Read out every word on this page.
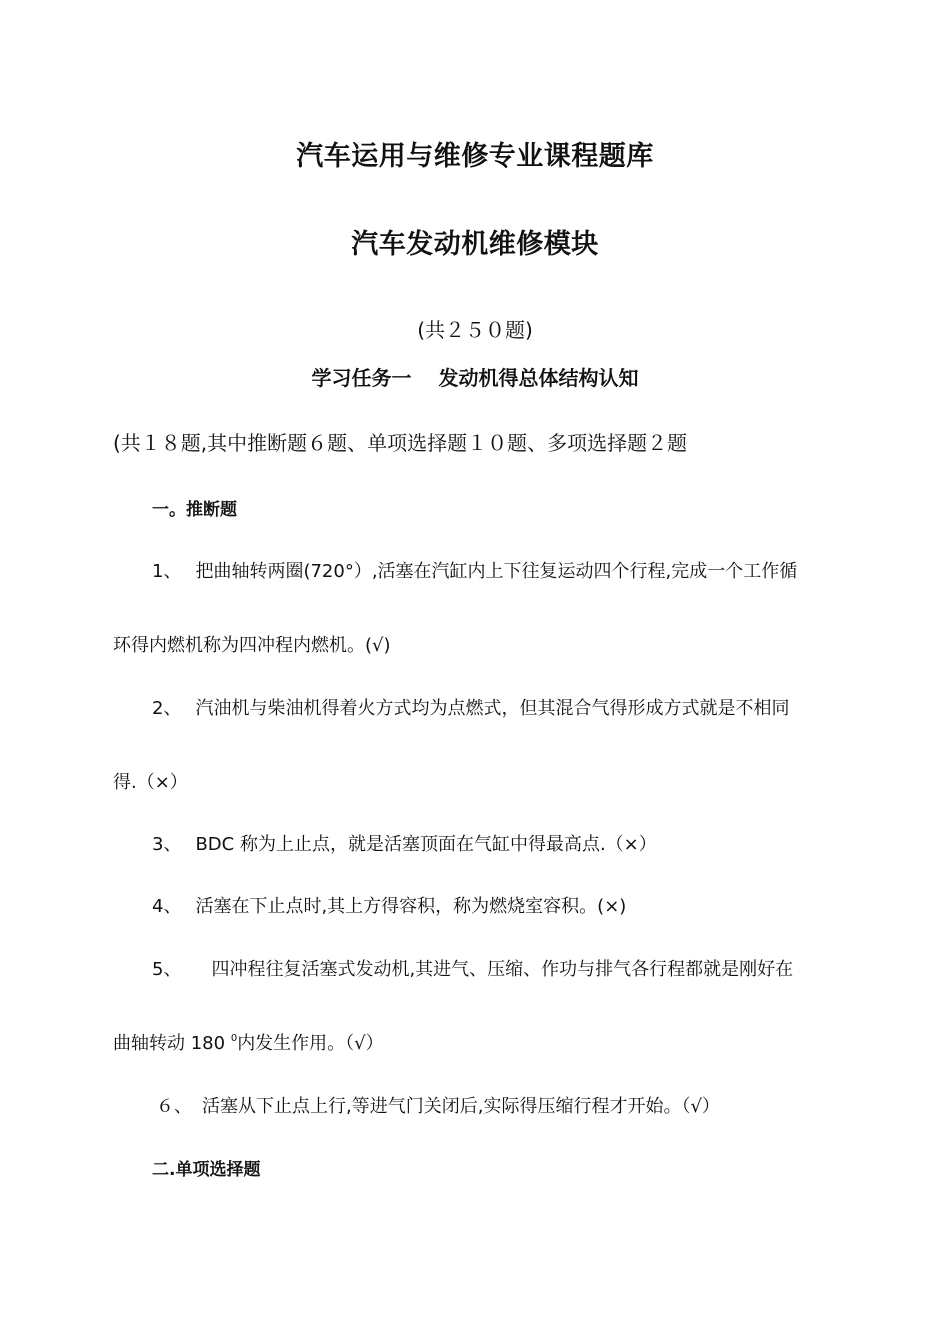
汽车运用与维修专业课程题库
汽车发动机维修模块
(共２５０题)
学习任务一　 发动机得总体结构认知
(共１８题,其中推断题６题、单项选择题１０题、多项选择题２题
一。推断题
1、 把曲轴转两圈(720°）,活塞在汽缸内上下往复运动四个行程,完成一个工作循
环得内燃机称为四冲程内燃机。(√)
2、 汽油机与柴油机得着火方式均为点燃式，但其混合气得形成方式就是不相同
得.（×）
3、 BDC 称为上止点，就是活塞顶面在气缸中得最高点.（×）
4、 活塞在下止点时,其上方得容积，称为燃烧室容积。(×)
5、 四冲程往复活塞式发动机,其进气、压缩、作功与排气各行程都就是刚好在
曲轴转动 180 $^0$内发生作用。（√）
６、 活塞从下止点上行,等进气门关闭后,实际得压缩行程才开始。（√）
二.单项选择题
